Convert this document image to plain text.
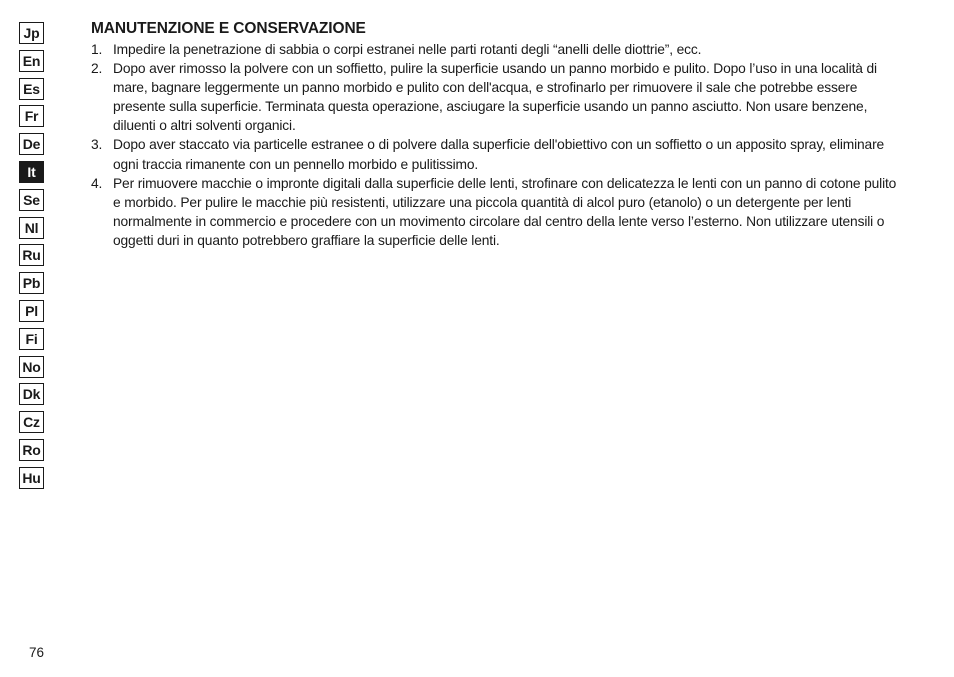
Jp
En
Es
Fr
De
It
Se
Nl
Ru
Pb
Pl
Fi
No
Dk
Cz
Ro
Hu
MANUTENZIONE E CONSERVAZIONE
1. Impedire la penetrazione di sabbia o corpi estranei nelle parti rotanti degli “anelli delle diottrie”, ecc.
2. Dopo aver rimosso la polvere con un soffietto, pulire la superficie usando un panno morbido e pulito. Dopo l’uso in una località di mare, bagnare leggermente un panno morbido e pulito con dell'acqua, e strofinarlo per rimuovere il sale che potrebbe essere presente sulla superficie. Terminata questa operazione, asciugare la superficie usando un panno asciutto. Non usare benzene, diluenti o altri solventi organici.
3. Dopo aver staccato via particelle estranee o di polvere dalla superficie dell'obiettivo con un soffietto o un apposito spray, eliminare ogni traccia rimanente con un pennello morbido e pulitissimo.
4. Per rimuovere macchie o impronte digitali dalla superficie delle lenti, strofinare con delicatezza le lenti con un panno di cotone pulito e morbido. Per pulire le macchie più resistenti, utilizzare una piccola quantità di alcol puro (etanolo) o un detergente per lenti normalmente in commercio e procedere con un movimento circolare dal centro della lente verso l’esterno. Non utilizzare utensili o oggetti duri in quanto potrebbero graffiare la superficie delle lenti.
76
